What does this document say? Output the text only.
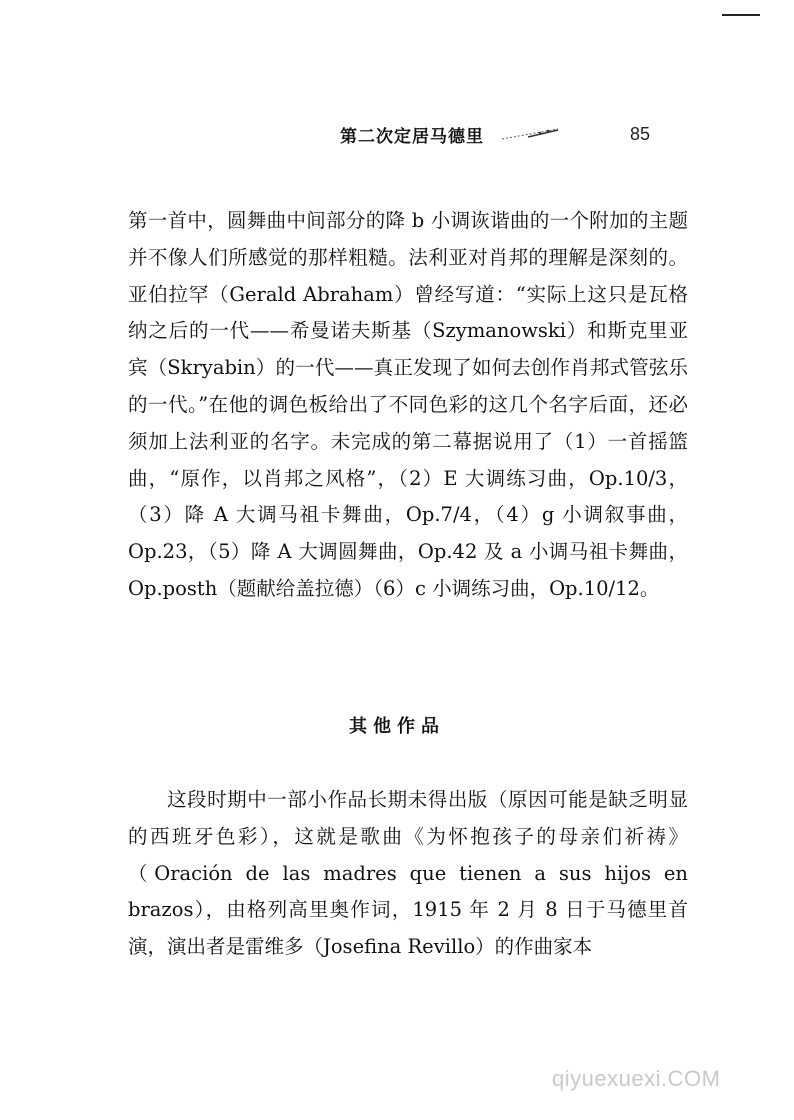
第二次定居马德里	85

第一首中，圆舞曲中间部分的降 b 小调诙谐曲的一个附加的主题并不像人们所感觉的那样粗糙。法利亚对肖邦的理解是深刻的。亚伯拉罕（Gerald Abraham）曾经写道：“实际上这只是瓦格纳之后的一代——希曼诺夫斯基（Szymanowski）和斯克里亚宾（Skryabin）的一代——真正发现了如何去创作肖邦式管弦乐的一代。”在他的调色板给出了不同色彩的这几个名字后面，还必须加上法利亚的名字。未完成的第二幕据说用了（1）一首摇篮曲，“原作，以肖邦之风格”，（2）E 大调练习曲，Op.10/3，（3）降 A 大调马祖卡舞曲，Op.7/4，（4）g 小调叙事曲，Op.23，（5）降 A 大调圆舞曲，Op.42 及 a 小调马祖卡舞曲，Op.posth（题献给盖拉德）（6）c 小调练习曲，Op.10/12。

其他作品

这段时期中一部小作品长期未得出版（原因可能是缺乏明显的西班牙色彩），这就是歌曲《为怀抱孩子的母亲们祈祷》（Oración de las madres que tienen a sus hijos en brazos），由格列高里奥作词，1915 年 2 月 8 日于马德里首演，演出者是雷维多（Josefina Revillo）的作曲家本

qiyuexuexi.COM
